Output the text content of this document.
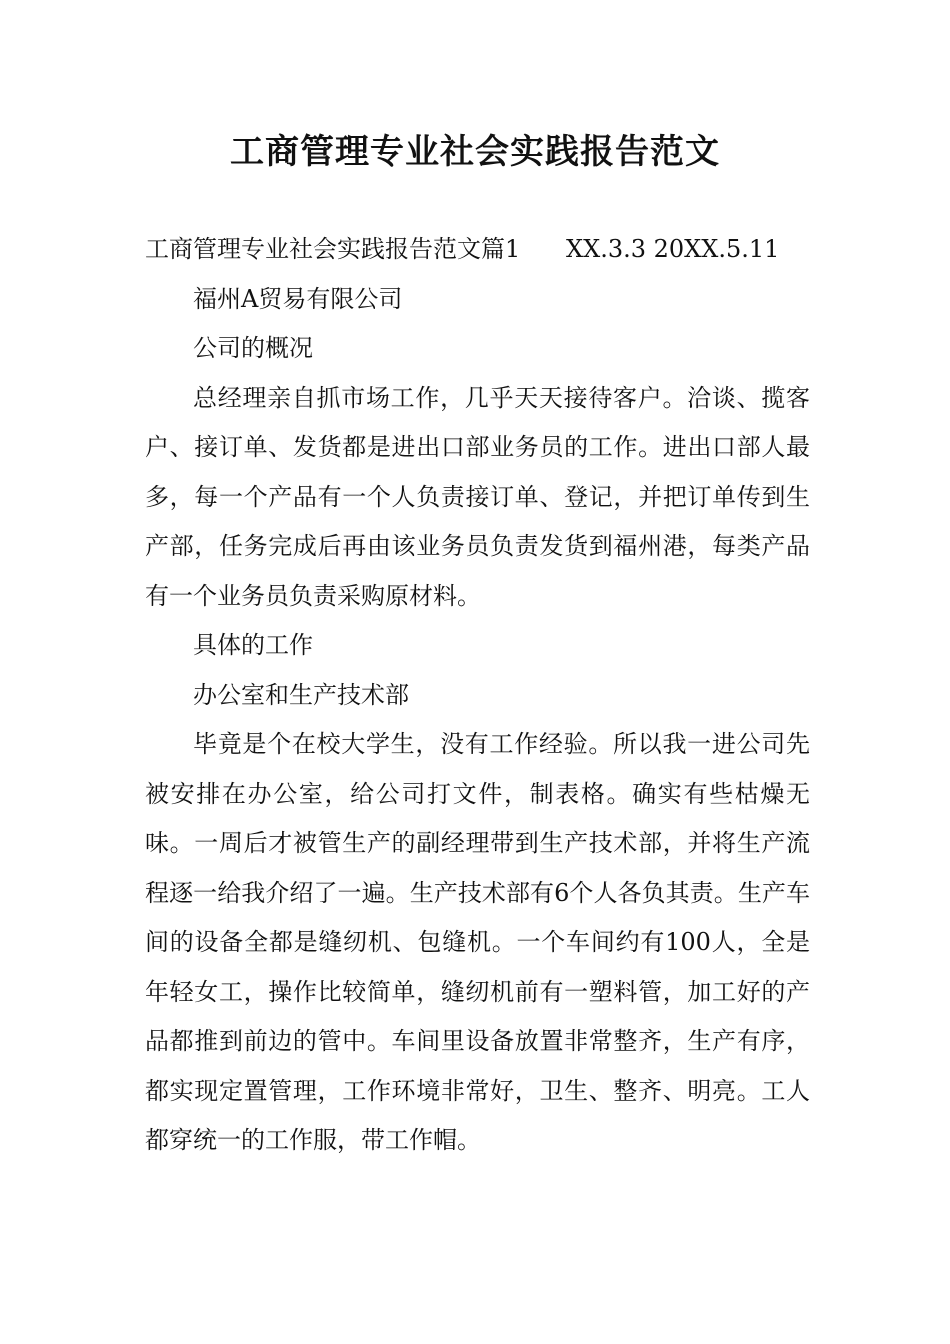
工商管理专业社会实践报告范文

工商管理专业社会实践报告范文篇1      XX.3.3 20XX.5.11

福州A贸易有限公司

公司的概况

总经理亲自抓市场工作，几乎天天接待客户。洽谈、揽客户、接订单、发货都是进出口部业务员的工作。进出口部人最多，每一个产品有一个人负责接订单、登记，并把订单传到生产部，任务完成后再由该业务员负责发货到福州港，每类产品有一个业务员负责采购原材料。

具体的工作

办公室和生产技术部

毕竟是个在校大学生，没有工作经验。所以我一进公司先被安排在办公室，给公司打文件，制表格。确实有些枯燥无味。一周后才被管生产的副经理带到生产技术部，并将生产流程逐一给我介绍了一遍。生产技术部有6个人各负其责。生产车间的设备全都是缝纫机、包缝机。一个车间约有100人，全是年轻女工，操作比较简单，缝纫机前有一塑料管，加工好的产品都推到前边的管中。车间里设备放置非常整齐，生产有序，都实现定置管理，工作环境非常好，卫生、整齐、明亮。工人都穿统一的工作服，带工作帽。
